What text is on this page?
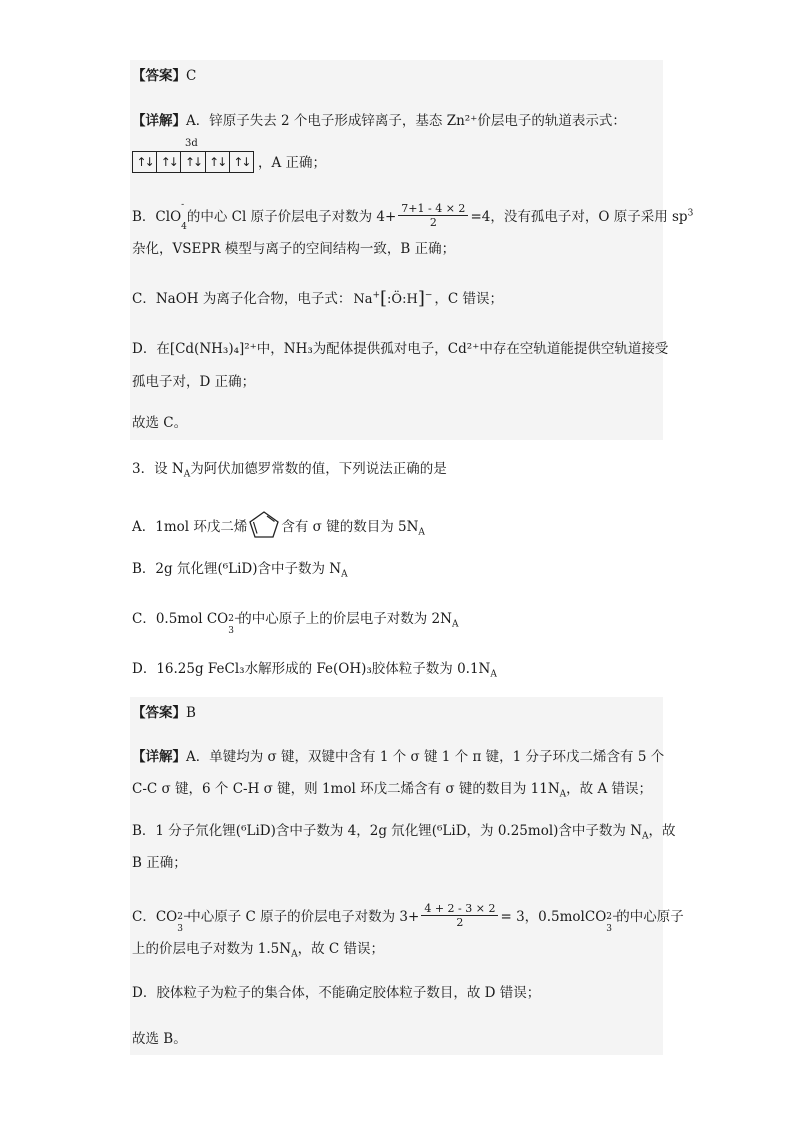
【答案】C
【详解】A．锌原子失去 2 个电子形成锌离子，基态 Zn²⁺价层电子的轨道表示式：
3d
↑↓ ↑↓ ↑↓ ↑↓ ↑↓ ，A 正确；
B．ClO
-
$_4$的中心 Cl 原子价层电子对数为 $4+ \frac{7+1 - 4 \times 2}{2} =4$，没有孤电子对，O 原子采用 $sp^3$
杂化，VSEPR 模型与离子的空间结构一致，B 正确；
C．NaOH 为离子化合物，电子式： Na+[:Ö:H]− ，C 错误；
D．在[Cd(NH₃)₄]²⁺中，NH₃为配体提供孤对电子，Cd²⁺中存在空轨道能提供空轨道接受
孤电子对，D 正确；
故选 C。
3．设 $N_A$为阿伏加德罗常数的值，下列说法正确的是
A．1mol 环戊二烯	含有 σ 键的数目为 $5N_A$
B．2g 氘化锂(⁶LiD)含中子数为 $N_A$
C．0.5mol CO 2−
3
的中心原子上的价层电子对数为 $2N_A$
D．16.25g FeCl₃水解形成的 Fe(OH)₃胶体粒子数为 $0.1N_A$
【答案】B
【详解】A．单键均为 σ 键，双键中含有 1 个 σ 键 1 个 π 键，1 分子环戊二烯含有 5 个
C-C σ 键，6 个 C-H σ 键，则 1mol 环戊二烯含有 σ 键的数目为 $11N_A$，故 A 错误；
B．1 分子氘化锂(⁶LiD)含中子数为 4，2g 氘化锂(⁶LiD，为 0.25mol)含中子数为 $N_A$，故
B 正确；
C．CO 2−
3
中心原子 C 原子的价层电子对数为 $3+ \frac{4 + 2 - 3 \times 2}{2} = 3$，0.5molCO 2−
3
的中心原子
上的价层电子对数为 $1.5N_A$，故 C 错误；
D．胶体粒子为粒子的集合体，不能确定胶体粒子数目，故 D 错误；
故选 B。
